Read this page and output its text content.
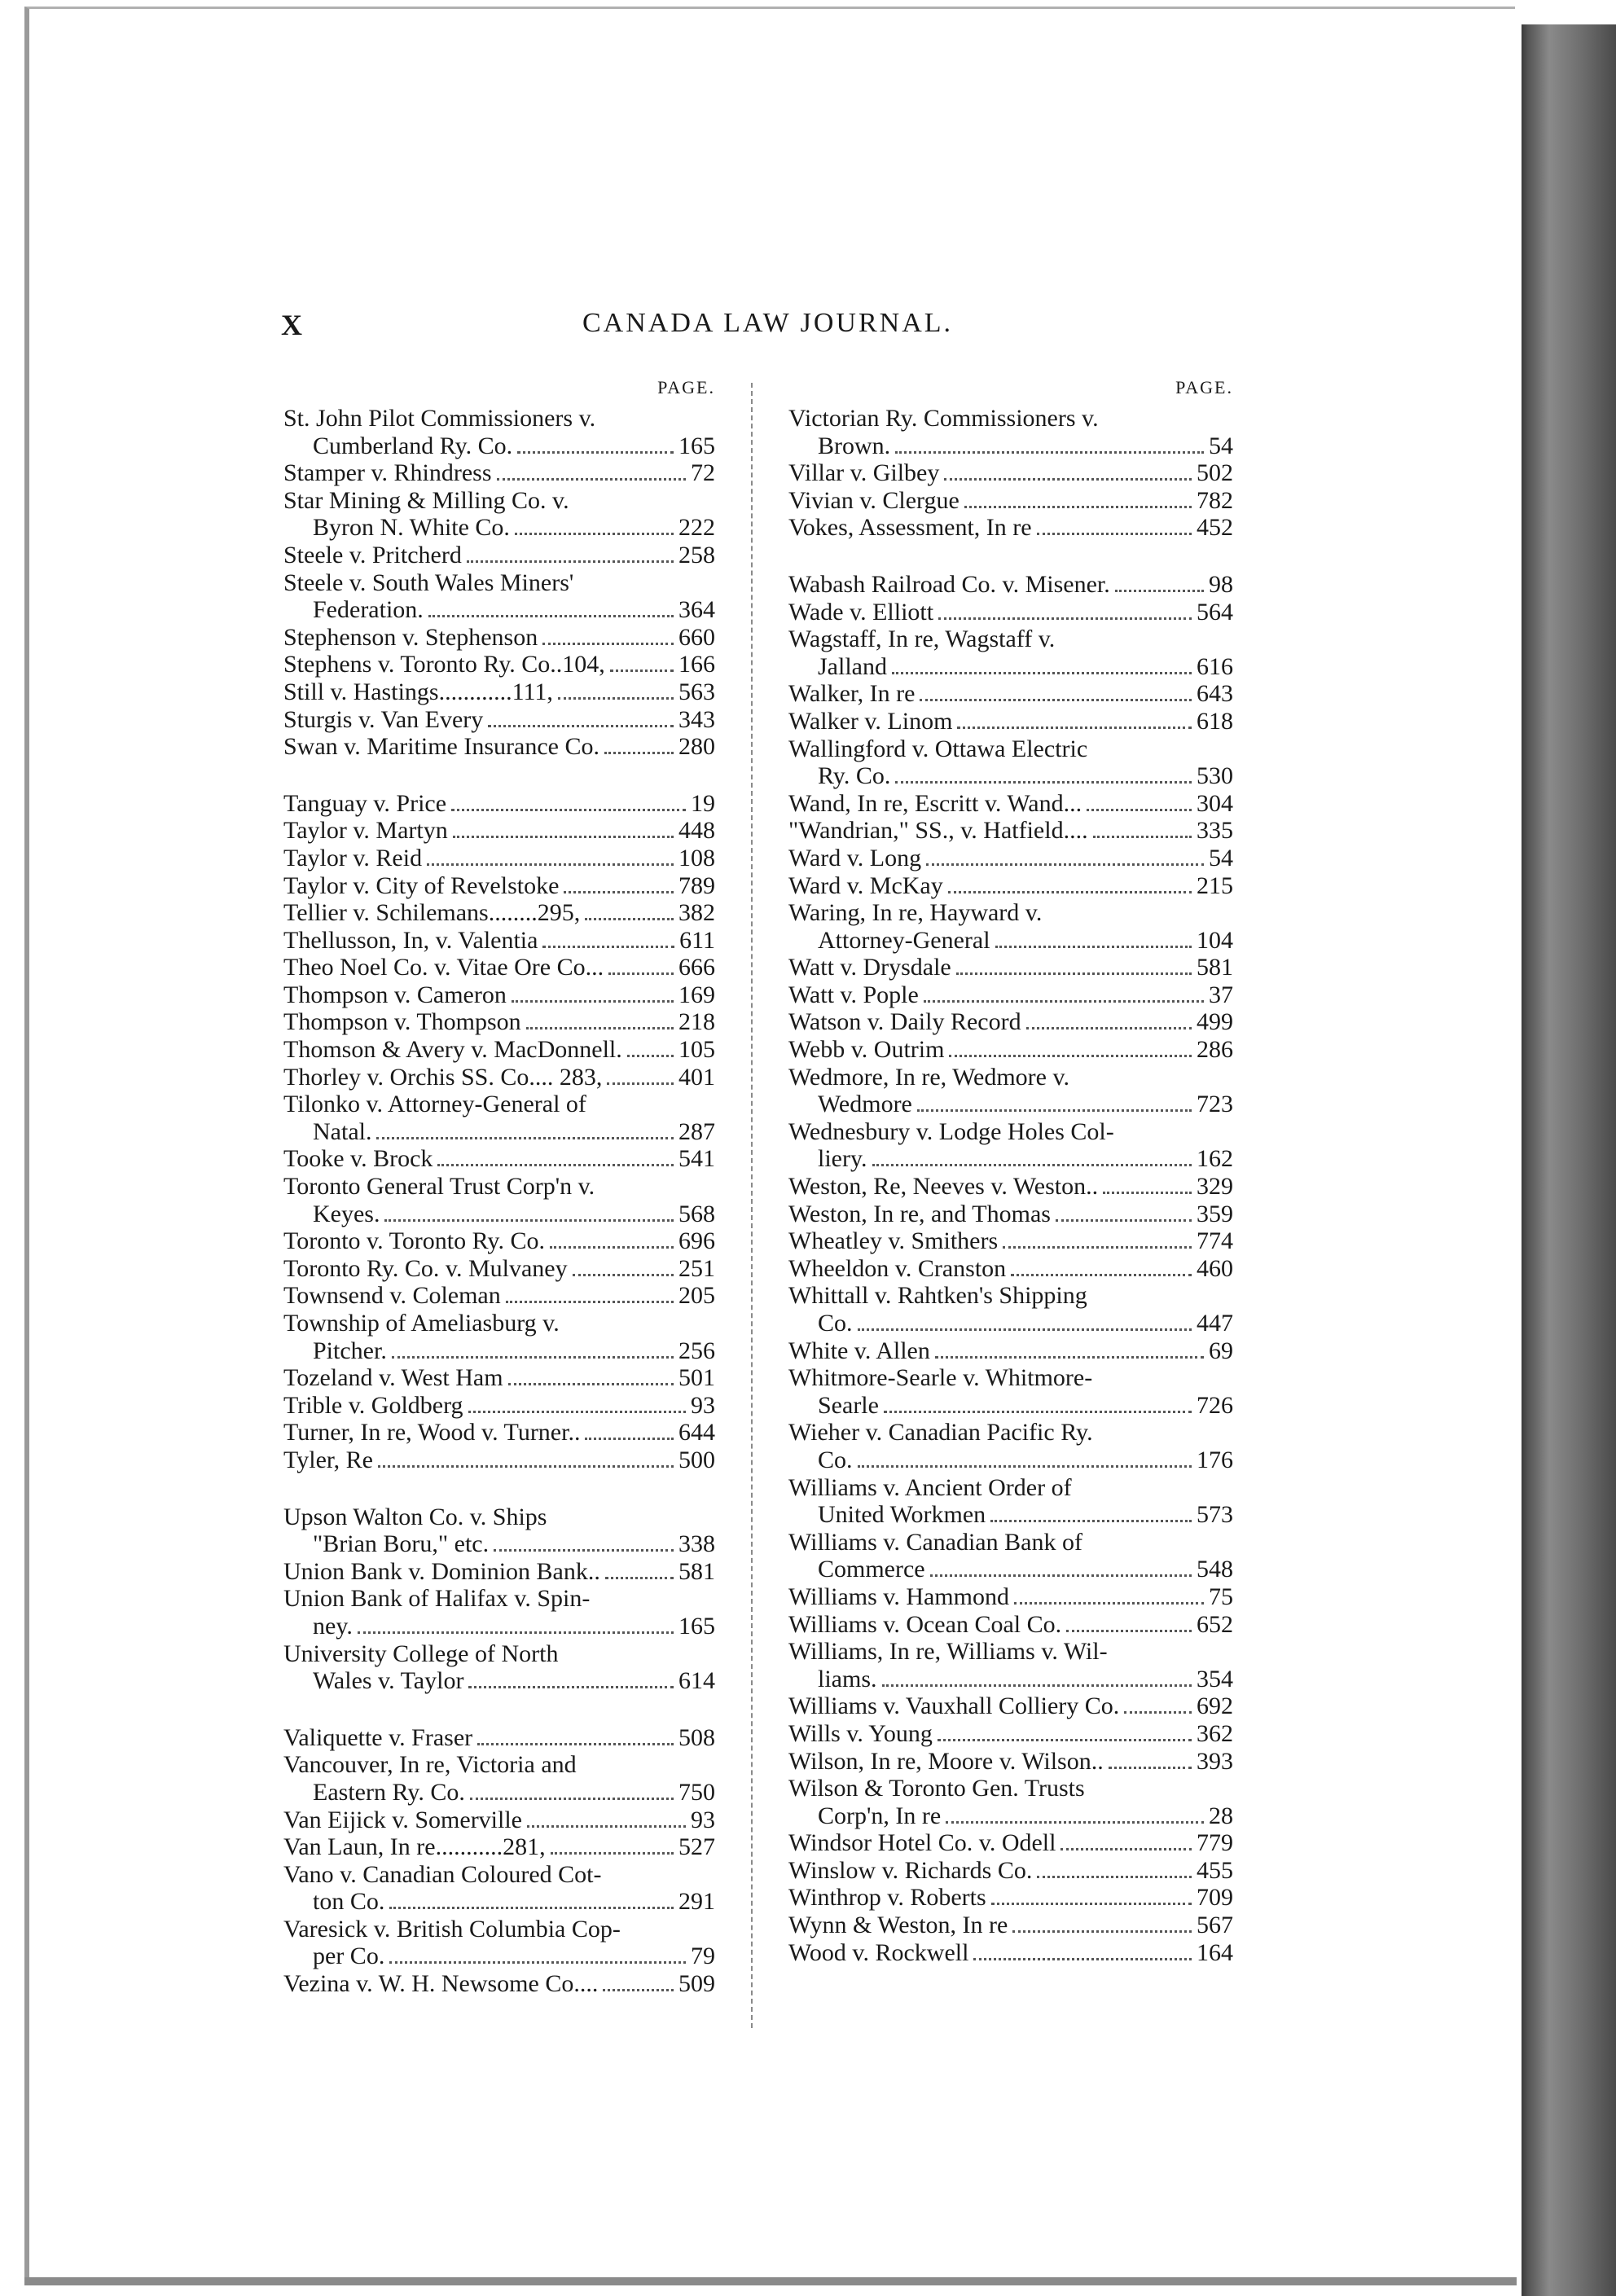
X	CANADA LAW JOURNAL.
PAGE.
St. John Pilot Commissioners v.
Cumberland Ry. Co.	165
Stamper v. Rhindress	72
Star Mining & Milling Co. v.
Byron N. White Co.	222
Steele v. Pritcherd	258
Steele v. South Wales Miners'
Federation.	364
Stephenson v. Stephenson	660
Stephens v. Toronto Ry. Co..104,	166
Still v. Hastings............111,	563
Sturgis v. Van Every	343
Swan v. Maritime Insurance Co.	280
Tanguay v. Price	19
Taylor v. Martyn	448
Taylor v. Reid	108
Taylor v. City of Revelstoke	789
Tellier v. Schilemans........295,	382
Thellusson, In, v. Valentia	611
Theo Noel Co. v. Vitae Ore Co...	666
Thompson v. Cameron	169
Thompson v. Thompson	218
Thomson & Avery v. MacDonnell. 105
Thorley v. Orchis SS. Co.... 283,	401
Tilonko v. Attorney-General of
Natal.	287
Tooke v. Brock	541
Toronto General Trust Corp'n v.
Keyes.	568
Toronto v. Toronto Ry. Co.	696
Toronto Ry. Co. v. Mulvaney	251
Townsend v. Coleman	205
Township of Ameliasburg v.
Pitcher.	256
Tozeland v. West Ham	501
Trible v. Goldberg	93
Turner, In re, Wood v. Turner..	644
Tyler, Re	500
Upson Walton Co. v. Ships
"Brian Boru," etc.	338
Union Bank v. Dominion Bank..	581
Union Bank of Halifax v. Spin-
ney.	165
University College of North
Wales v. Taylor	614
Valiquette v. Fraser	508
Vancouver, In re, Victoria and
Eastern Ry. Co.	750
Van Eijick v. Somerville	93
Van Laun, In re...........281,	527
Vano v. Canadian Coloured Cot-
ton Co.	291
Varesick v. British Columbia Cop-
per Co.	79
Vezina v. W. H. Newsome Co....	509
PAGE.
Victorian Ry. Commissioners v.
Brown.	54
Villar v. Gilbey	502
Vivian v. Clergue	782
Vokes, Assessment, In re	452
Wabash Railroad Co. v. Misener.	98
Wade v. Elliott	564
Wagstaff, In re, Wagstaff v.
Jalland	616
Walker, In re	643
Walker v. Linom	618
Wallingford v. Ottawa Electric
Ry. Co.	530
Wand, In re, Escritt v. Wand...	304
"Wandrian," SS., v. Hatfield....	335
Ward v. Long	54
Ward v. McKay	215
Waring, In re, Hayward v.
Attorney-General	104
Watt v. Drysdale	581
Watt v. Pople	37
Watson v. Daily Record	499
Webb v. Outrim	286
Wedmore, In re, Wedmore v.
Wedmore	723
Wednesbury v. Lodge Holes Col-
liery.	162
Weston, Re, Neeves v. Weston..	329
Weston, In re, and Thomas	359
Wheatley v. Smithers	774
Wheeldon v. Cranston	460
Whittall v. Rahtken's Shipping
Co.	447
White v. Allen	69
Whitmore-Searle v. Whitmore-
Searle	726
Wieher v. Canadian Pacific Ry.
Co.	176
Williams v. Ancient Order of
United Workmen	573
Williams v. Canadian Bank of
Commerce	548
Williams v. Hammond	75
Williams v. Ocean Coal Co.	652
Williams, In re, Williams v. Wil-
liams.	354
Williams v. Vauxhall Colliery Co.	692
Wills v. Young	362
Wilson, In re, Moore v. Wilson..	393
Wilson & Toronto Gen. Trusts
Corp'n, In re	28
Windsor Hotel Co. v. Odell	779
Winslow v. Richards Co.	455
Winthrop v. Roberts	709
Wynn & Weston, In re	567
Wood v. Rockwell	164
